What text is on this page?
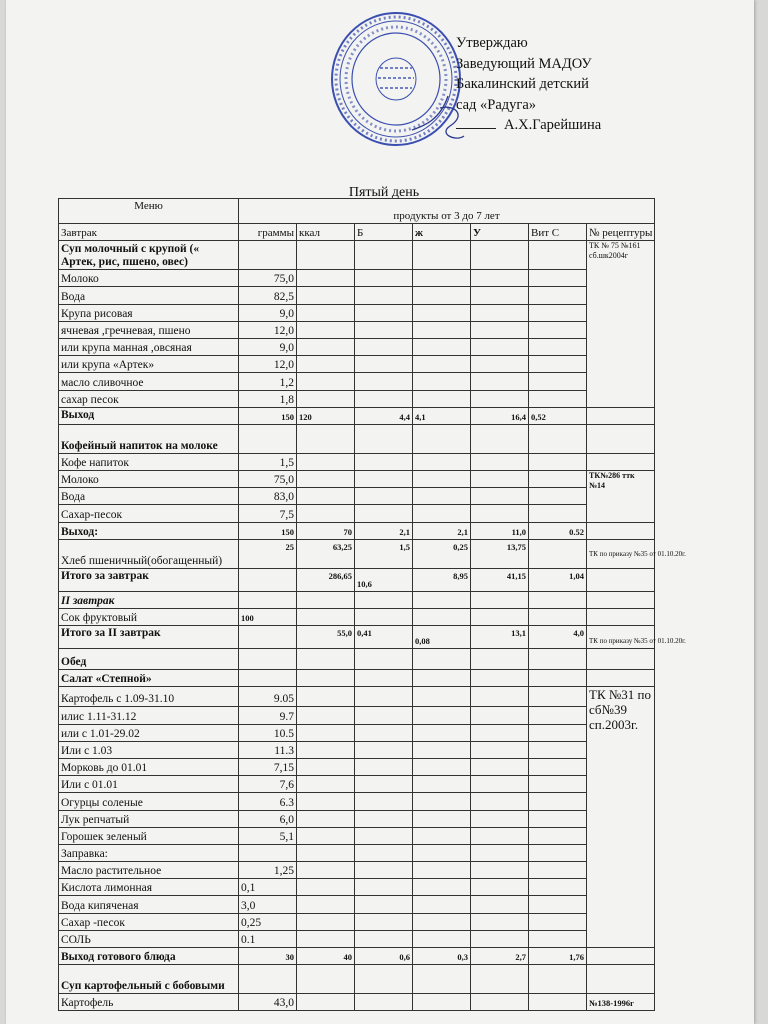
Утверждаю
Заведующий МАДОУ
Бакалинский детский
сад «Радуга»
А.Х.Гарейшина
Пятый день
Меню	продукты от 3 до 7 лет						
Завтрак	граммы	ккал	Б	ж	У	Вит С	№ рецептуры
Суп молочный с крупой (« Артек, рис, пшено, овес)							ТК № 75 №161 сб.шк2004г
Молоко	75,0						
Вода	82,5						
Крупа рисовая	9,0						
ячневая ,гречневая, пшено	12,0						
или крупа манная ,овсяная	9,0						
или крупа «Артек»	12,0						
масло сливочное	1,2						
сахар песок	1,8						
Выход	150	120	4,4	4,1	16,4	0,52	
Кофейный напиток на молоке							
Кофе напиток	1,5						
Молоко	75,0						ТК№286 ттк №14
Вода	83,0						
Сахар-песок	7,5						
Выход:	150	70	2,1	2,1	11,0	0.52	
Хлеб пшеничный(обогащенный)	25	63,25	1,5	0,25	13,75		ТК по приказу №35 от 01.10.20г.
Итого за завтрак		286,65	10,6	8,95	41,15	1,04	
II завтрак							
Сок фруктовый	100						
Итого за II завтрак		55,0	0,41	0,08	13,1	4,0	ТК по приказу №35 от 01.10.20г.
Обед							
Салат «Степной»							
Картофель с 1.09-31.10	9.05						ТК №31 по сб№39 сп.2003г.
илис 1.11-31.12	9.7						
или с 1.01-29.02	10.5						
Или с 1.03	11.3						
Морковь до 01.01	7,15						
Или с 01.01	7,6						
Огурцы соленые	6.3						
Лук репчатый	6,0						
Горошек зеленый	5,1						
Заправка:							
Масло растительное	1,25						
Кислота лимонная	0,1						
Вода кипяченая	3,0						
Сахар -песок	0,25						
СОЛЬ	0.1						
Выход готового блюда	30	40	0,6	0,3	2,7	1,76	
Суп картофельный с бобовыми							
Картофель	43,0						№138-1996г
